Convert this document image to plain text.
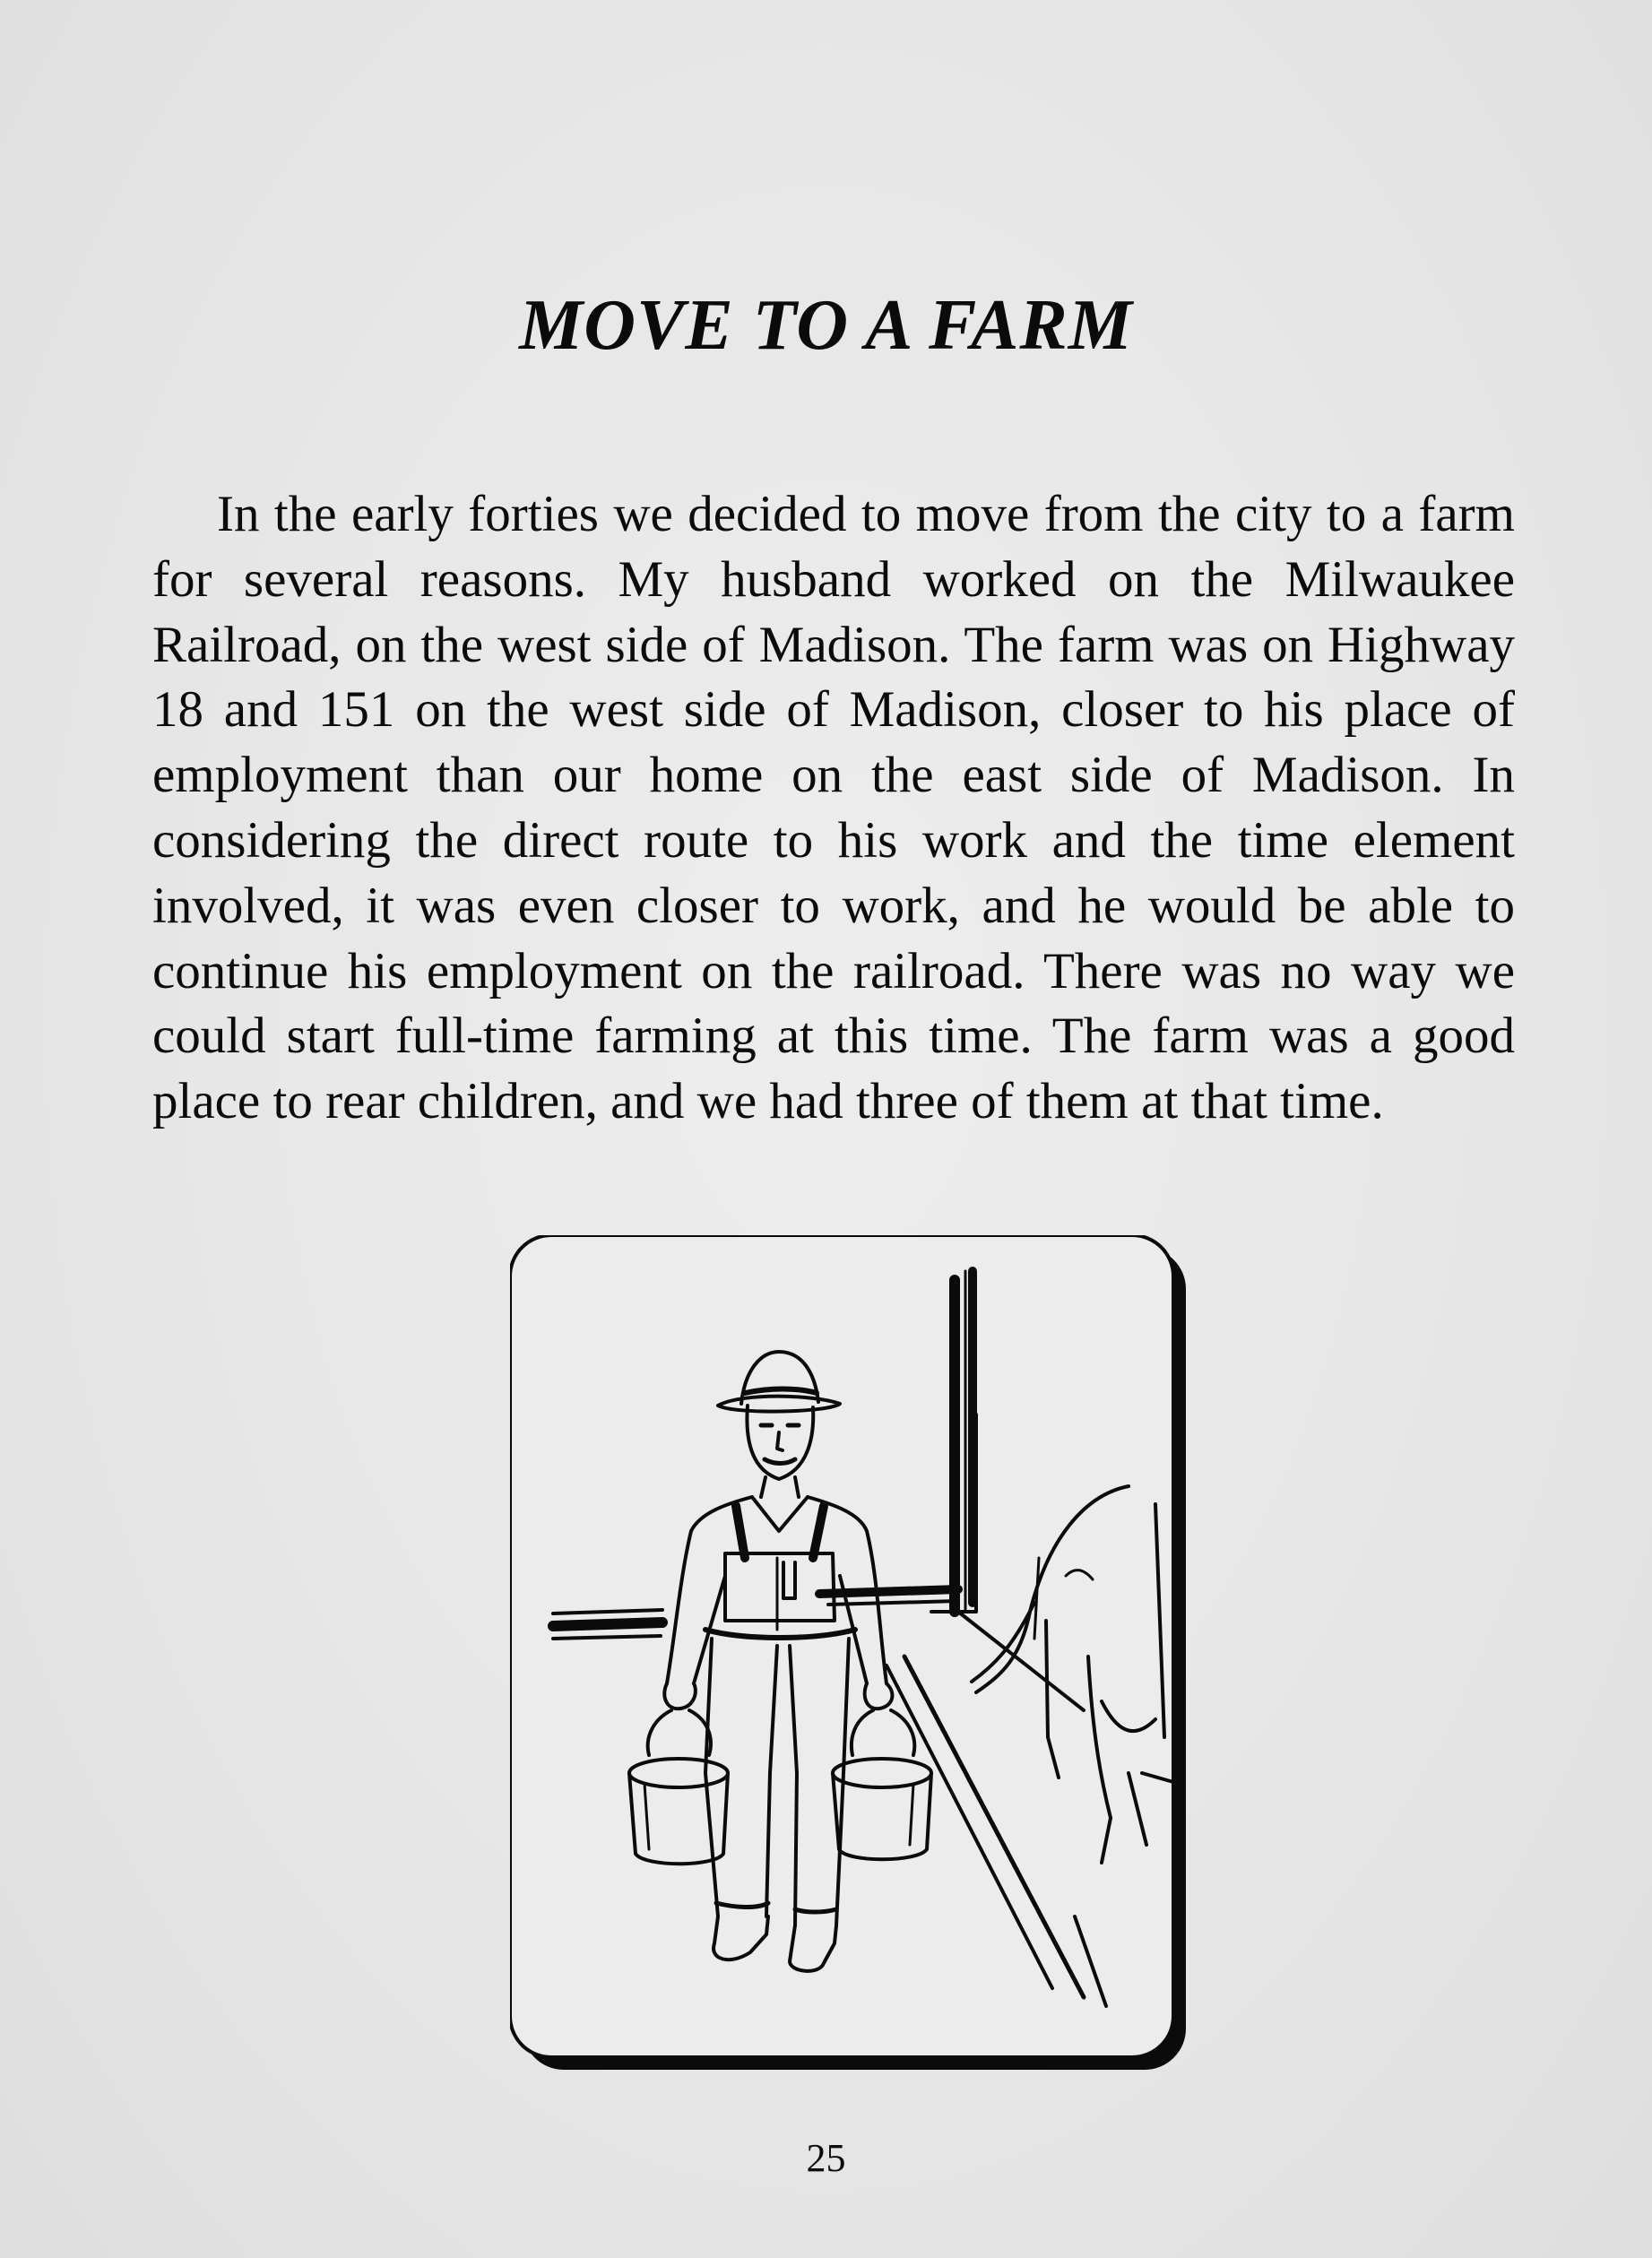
MOVE TO A FARM

In the early forties we decided to move from the city to a farm for several reasons. My husband worked on the Milwaukee Railroad, on the west side of Madison. The farm was on Highway 18 and 151 on the west side of Madison, closer to his place of employment than our home on the east side of Madison. In considering the direct route to his work and the time element involved, it was even closer to work, and he would be able to continue his employment on the railroad. There was no way we could start full-time farming at this time. The farm was a good place to rear children, and we had three of them at that time.

25
